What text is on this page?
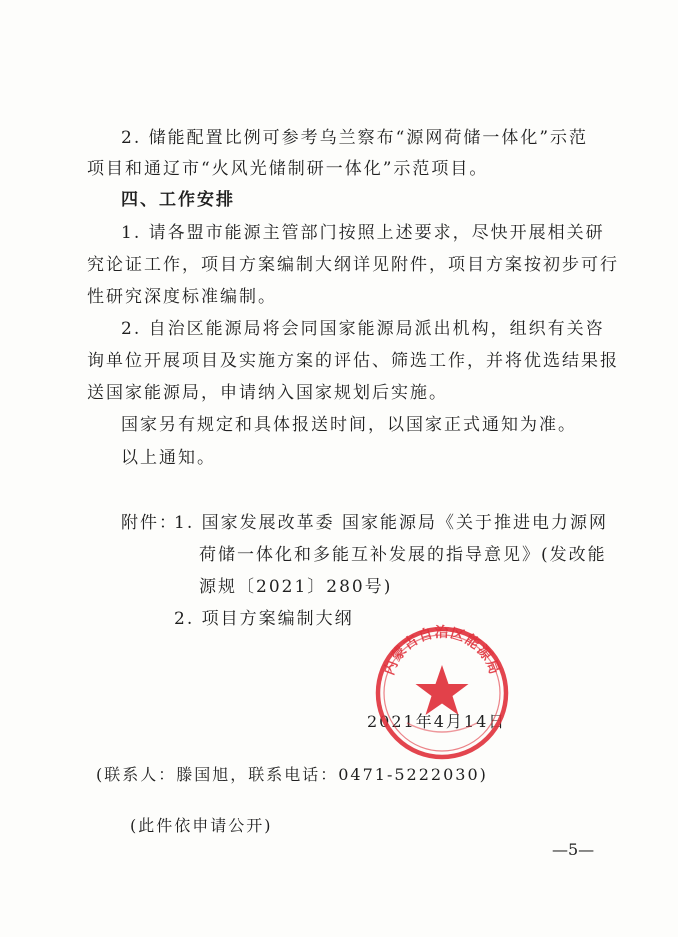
2. 储能配置比例可参考乌兰察布“源网荷储一体化”示范
项目和通辽市“火风光储制研一体化”示范项目。
四、工作安排
1. 请各盟市能源主管部门按照上述要求，尽快开展相关研
究论证工作，项目方案编制大纲详见附件，项目方案按初步可行
性研究深度标准编制。
2. 自治区能源局将会同国家能源局派出机构，组织有关咨
询单位开展项目及实施方案的评估、筛选工作，并将优选结果报
送国家能源局，申请纳入国家规划后实施。
国家另有规定和具体报送时间，以国家正式通知为准。
以上通知。
附件：
1. 国家发展改革委 国家能源局《关于推进电力源网
荷储一体化和多能互补发展的指导意见》(发改能
源规〔2021〕280号)
2. 项目方案编制大纲
2021年4月14日
内蒙古自治区能源局
(联系人：滕国旭，联系电话：0471-5222030)
(此件依申请公开)
—5—
